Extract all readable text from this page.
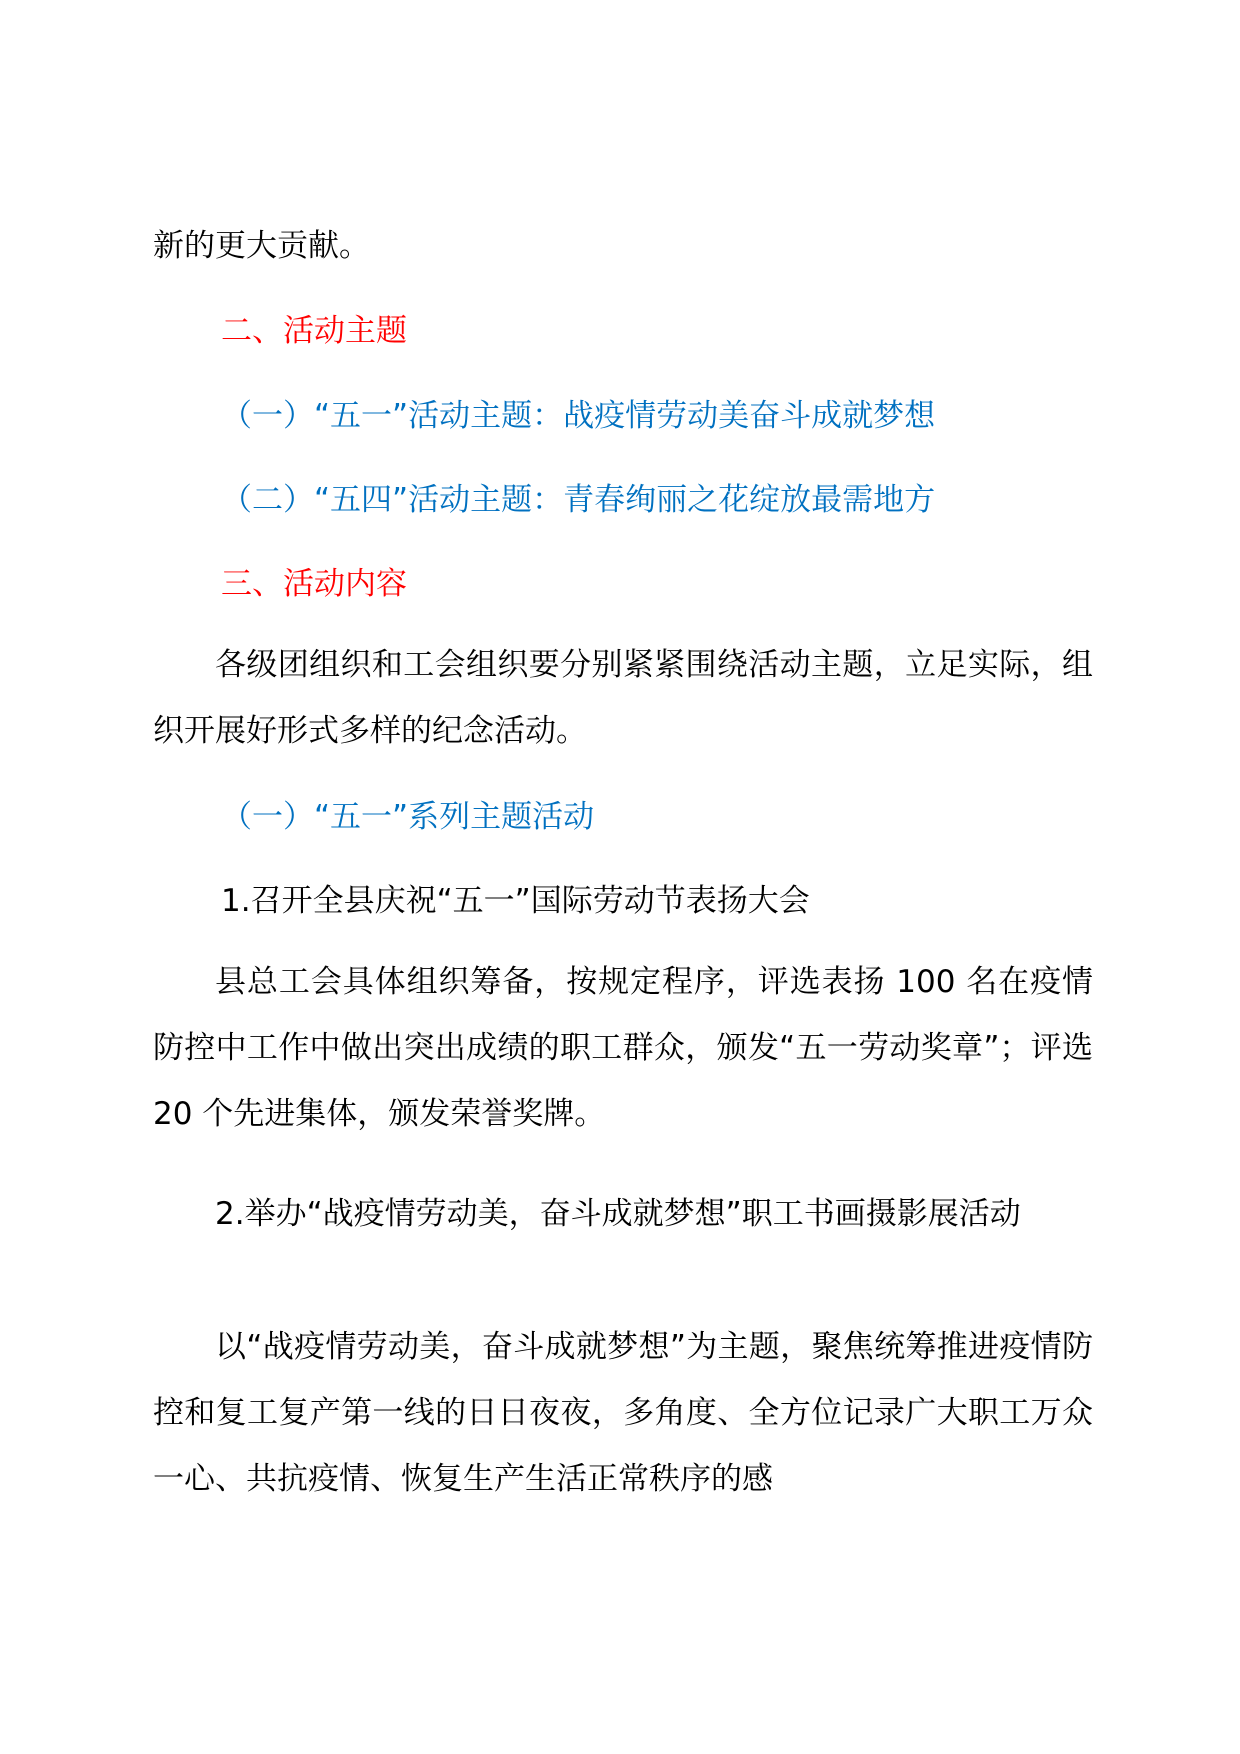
新的更大贡献。
二、活动主题
（一）“五一”活动主题：战疫情劳动美奋斗成就梦想
（二）“五四”活动主题：青春绚丽之花绽放最需地方
三、活动内容
各级团组织和工会组织要分别紧紧围绕活动主题，立足实际，组织开展好形式多样的纪念活动。
（一）“五一”系列主题活动
1.召开全县庆祝“五一”国际劳动节表扬大会
县总工会具体组织筹备，按规定程序，评选表扬 100 名在疫情防控中工作中做出突出成绩的职工群众，颁发“五一劳动奖章”；评选 20 个先进集体，颁发荣誉奖牌。
2.举办“战疫情劳动美，奋斗成就梦想”职工书画摄影展活动
以“战疫情劳动美，奋斗成就梦想”为主题，聚焦统筹推进疫情防控和复工复产第一线的日日夜夜，多角度、全方位记录广大职工万众一心、共抗疫情、恢复生产生活正常秩序的感
